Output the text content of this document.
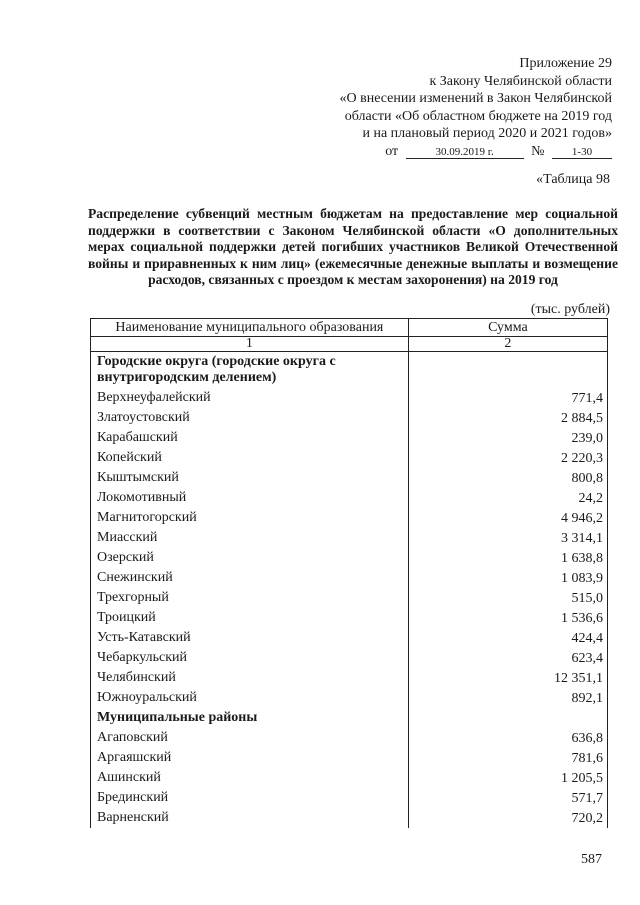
Приложение 29
к Закону Челябинской области
«О внесении изменений в Закон Челябинской
области «Об областном бюджете на 2019 год
и на плановый период 2020 и 2021 годов»
от	30.09.2019 г.	№ 1-30
«Таблица 98
Распределение субвенций местным бюджетам на предоставление мер социальной поддержки в соответствии с Законом Челябинской области «О дополнительных мерах социальной поддержки детей погибших участников Великой Отечественной войны и приравненных к ним лиц» (ежемесячные денежные выплаты и возмещение расходов, связанных с проездом к местам захоронения) на 2019 год
(тыс. рублей)
Наименование муниципального образования	Сумма
1	2
Городские округа (городские округа с внутригородским делением)	
Верхнеуфалейский	771,4
Златоустовский	2 884,5
Карабашский	239,0
Копейский	2 220,3
Кыштымский	800,8
Локомотивный	24,2
Магнитогорский	4 946,2
Миасский	3 314,1
Озерский	1 638,8
Снежинский	1 083,9
Трехгорный	515,0
Троицкий	1 536,6
Усть-Катавский	424,4
Чебаркульский	623,4
Челябинский	12 351,1
Южноуральский	892,1
Муниципальные районы	
Агаповский	636,8
Аргаяшский	781,6
Ашинский	1 205,5
Брединский	571,7
Варненский	720,2
587
